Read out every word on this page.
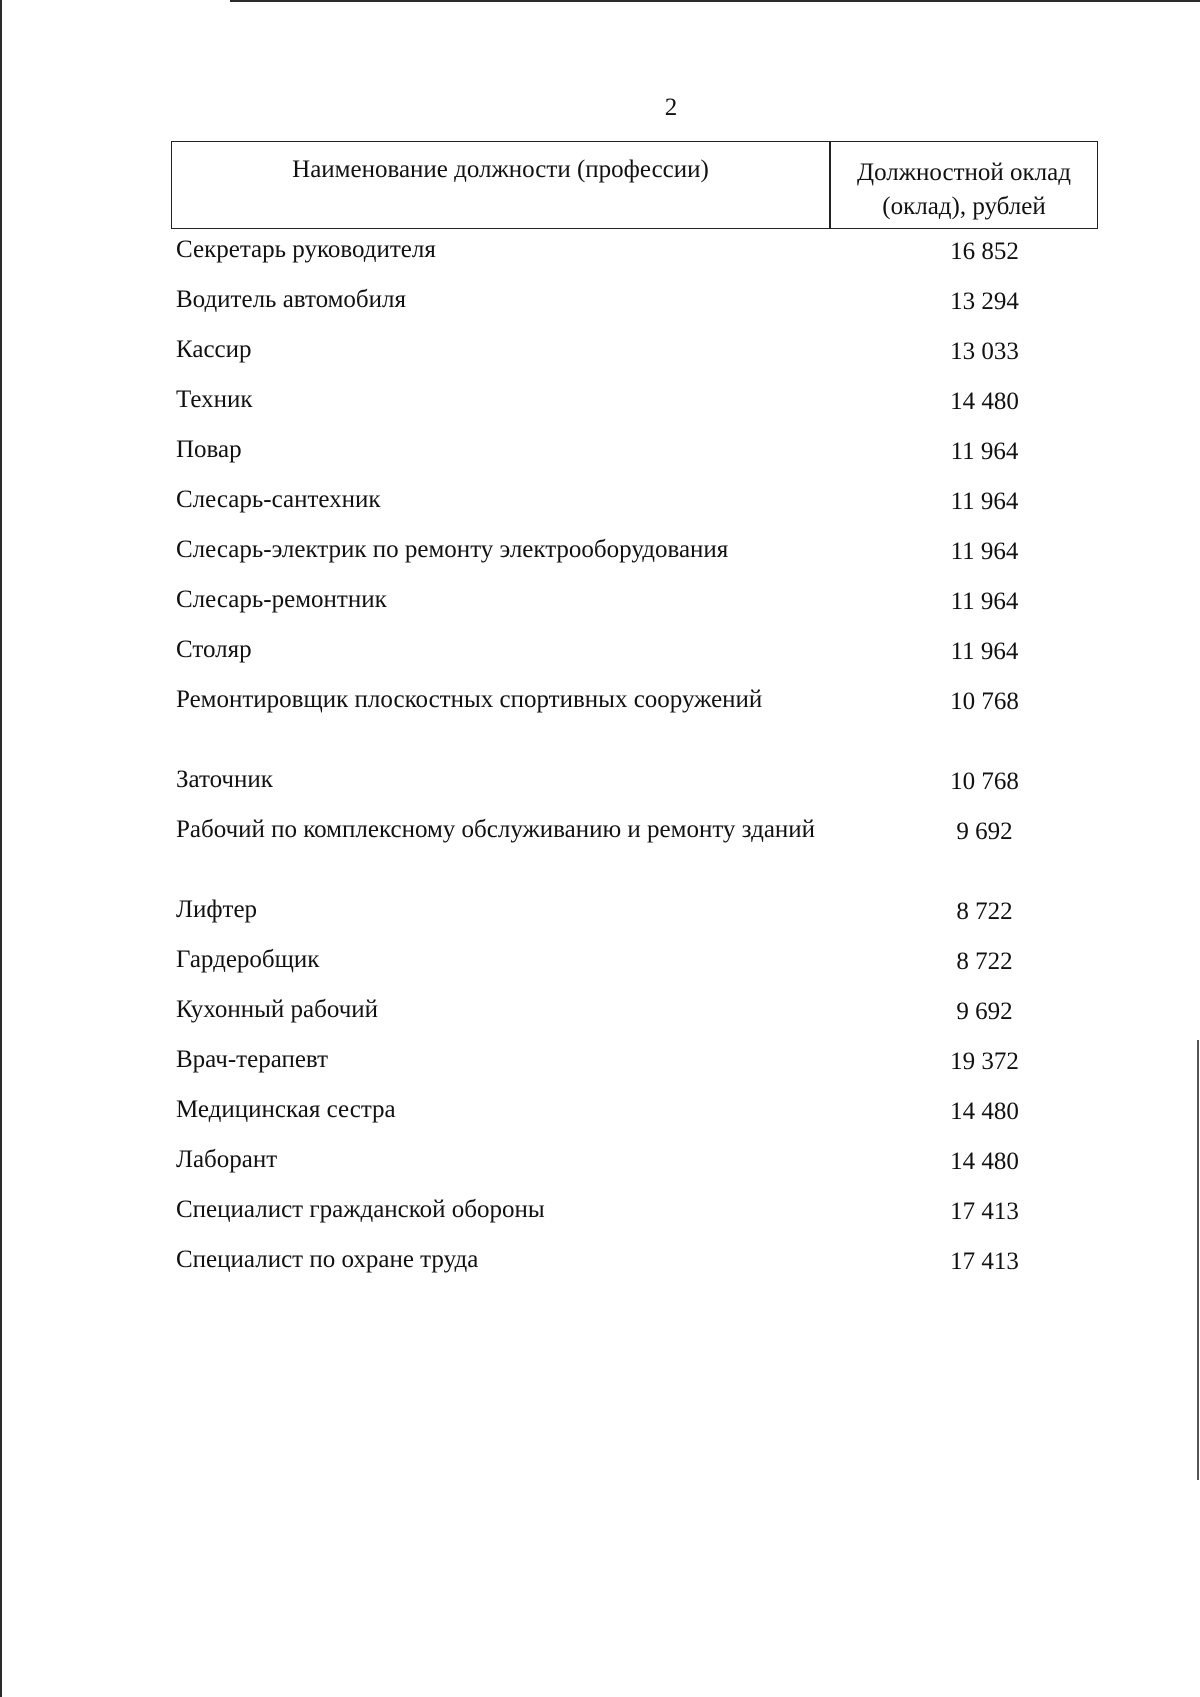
2
Наименование должности (профессии)	Должностной оклад
(оклад), рублей
Секретарь руководителя	16 852
Водитель автомобиля	13 294
Кассир	13 033
Техник	14 480
Повар	11 964
Слесарь-сантехник	11 964
Слесарь-электрик по ремонту электрооборудования	11 964
Слесарь-ремонтник	11 964
Столяр	11 964
Ремонтировщик плоскостных спортивных сооружений	10 768
Заточник	10 768
Рабочий по комплексному обслуживанию и ремонту зданий	9 692
Лифтер	8 722
Гардеробщик	8 722
Кухонный рабочий	9 692
Врач-терапевт	19 372
Медицинская сестра	14 480
Лаборант	14 480
Специалист гражданской обороны	17 413
Специалист по охране труда	17 413
